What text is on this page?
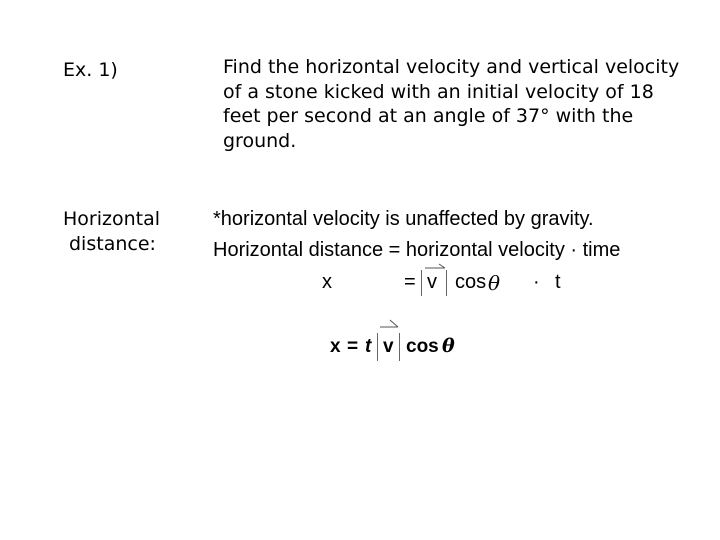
Ex. 1)	Find the horizontal velocity and vertical velocity
of a stone kicked with an initial velocity of 18
feet per second at an angle of 37° with the
ground.
Horizontal

distance:
*horizontal velocity is unaffected by gravity.
Horizontal distance = horizontal velocity · time
x	= v cos θ · t
x = t v cos θ
